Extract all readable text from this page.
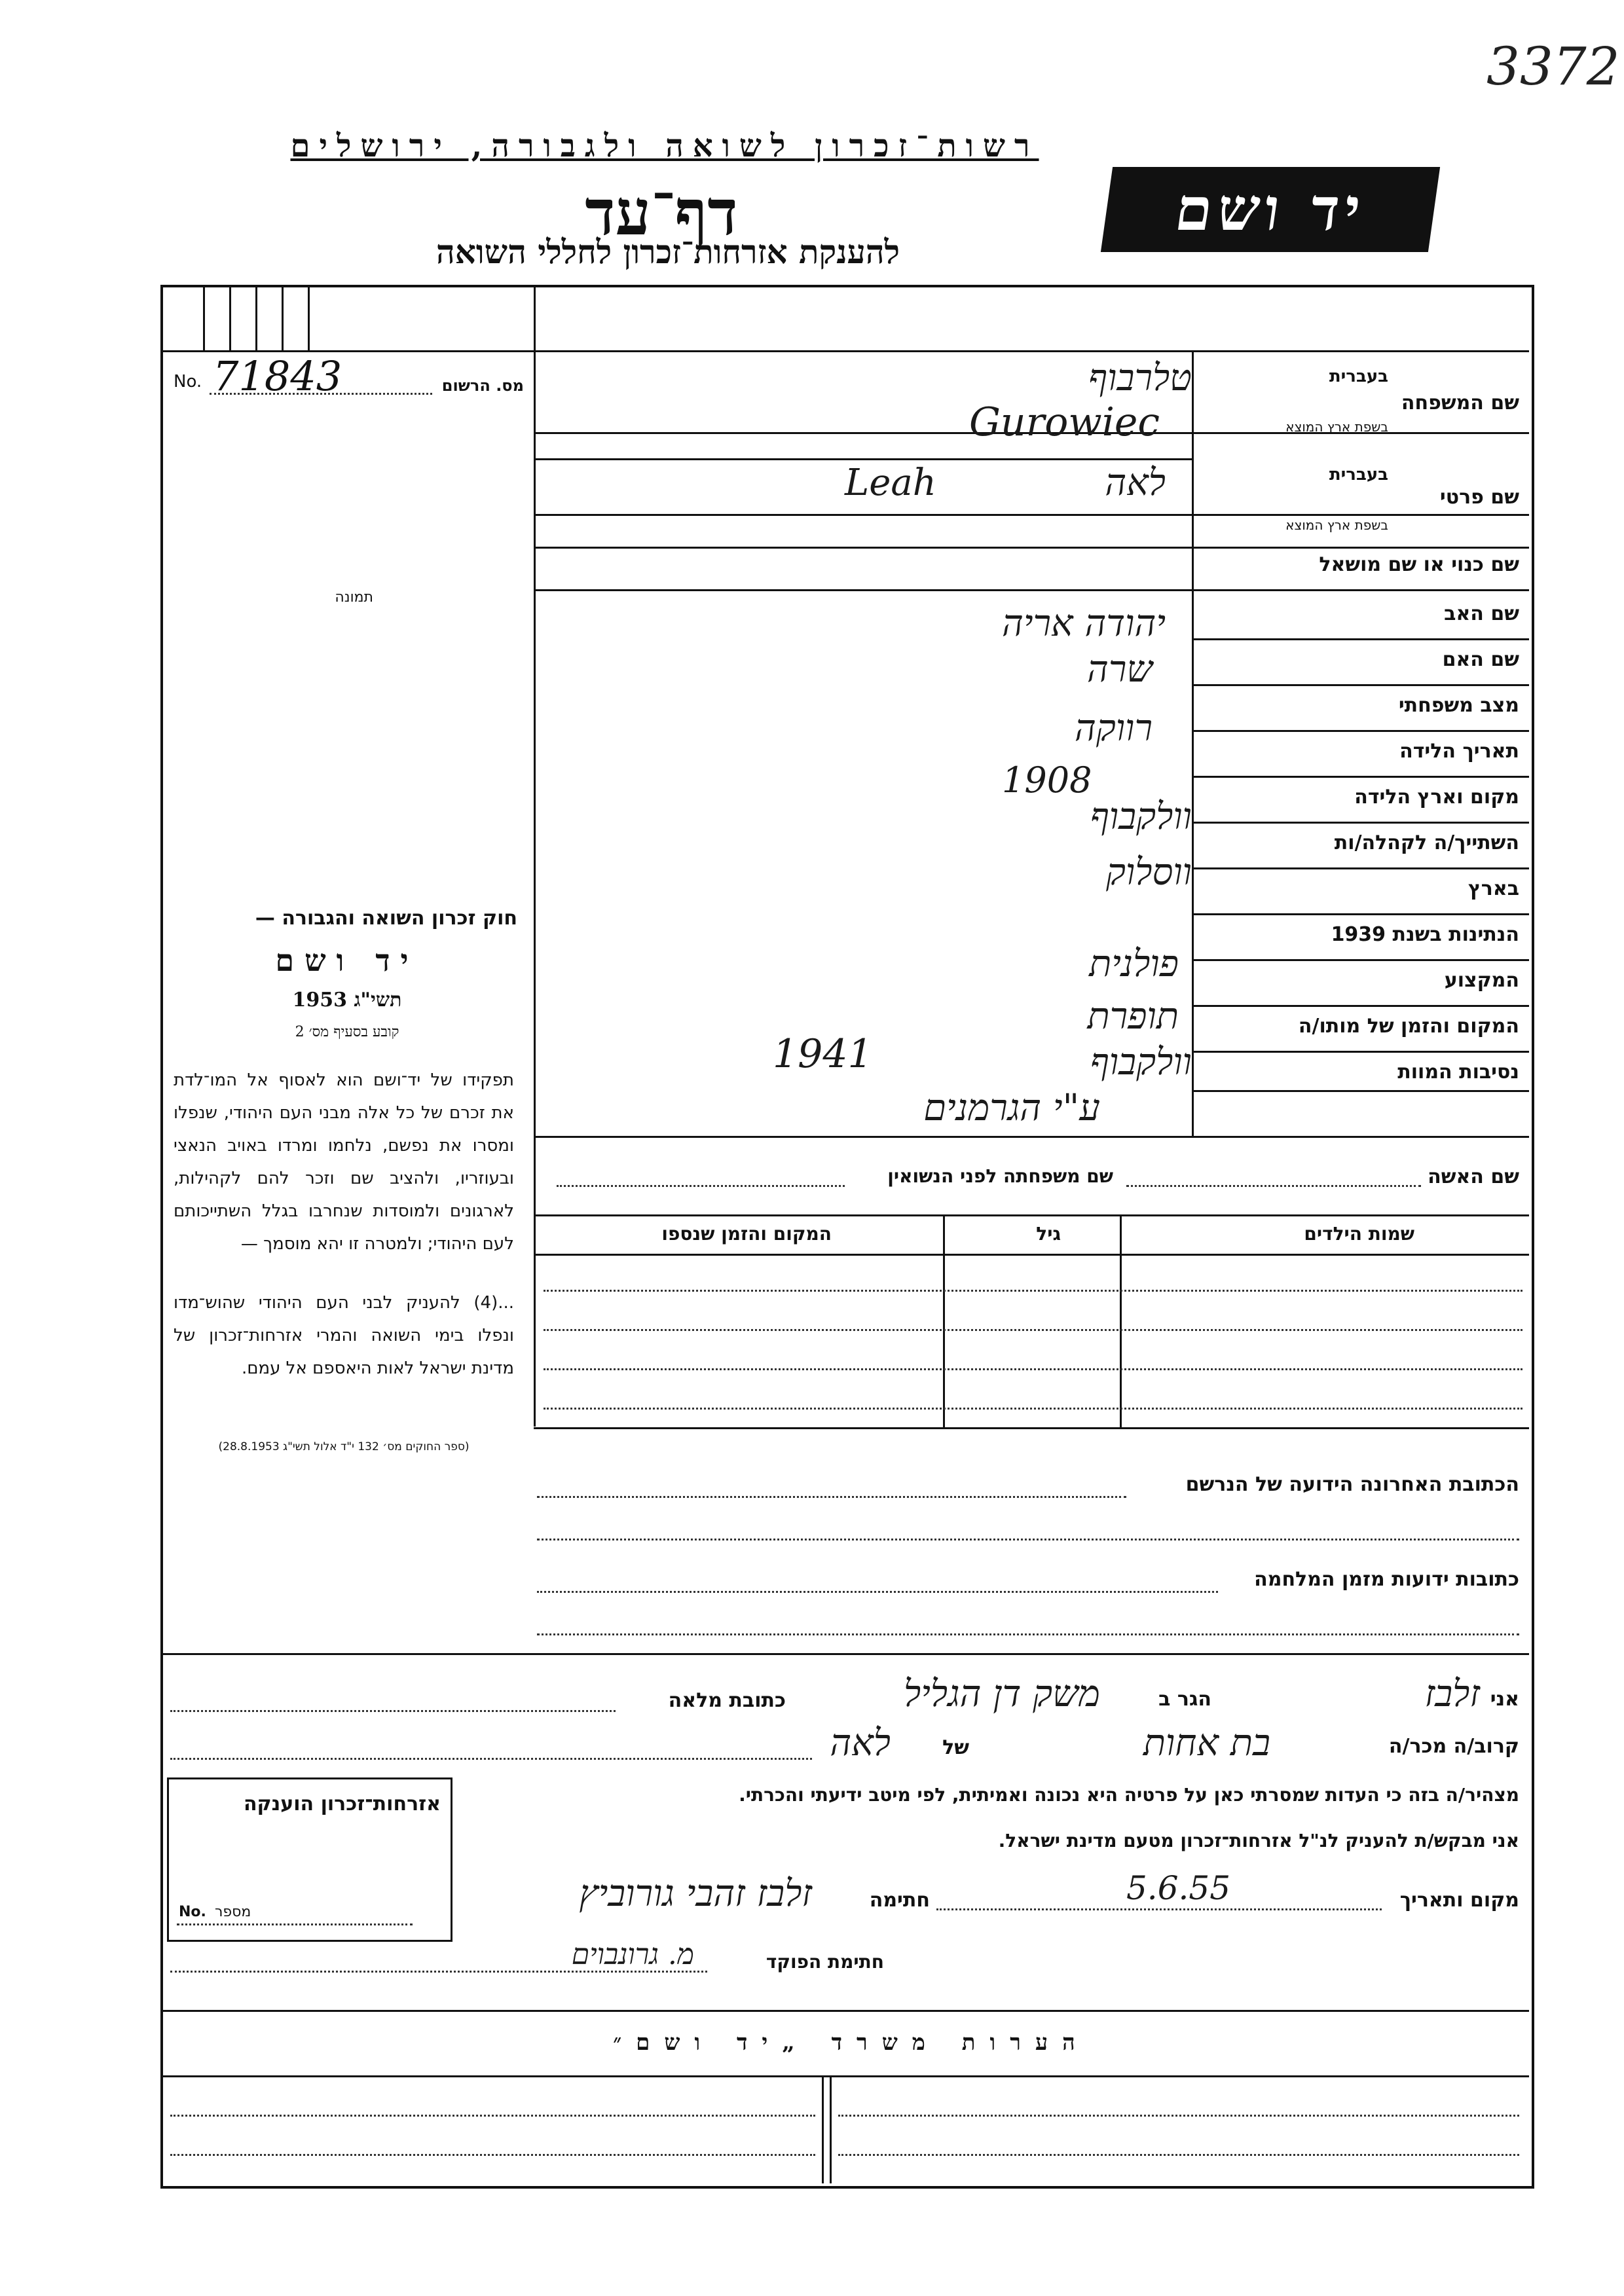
3372
רשות־זכרון לשואה ולגבורה, ירושלים
דף־עד
להענקת אזרחות־זכרון לחללי השואה
יד ושם
No. 71843	מס. הרשום
תמונה
שם המשפחה
בעברית
בשפת ארץ המוצא
שם פרטי
בעברית
בשפת ארץ המוצא
שם כנוי או שם מושאל
שם האב
שם האם
מצב משפחתי
תאריך הלידה
מקום וארץ הלידה
השתייך/ה לקהלה/ות
בארץ
הנתינות בשנת 1939
המקצוע
המקום והזמן של מותו/ה
נסיבות המוות
טלרבוף
Gurowiec
לאה
Leah
יהודה אריה
שרה
רווקה
1908
וולקבוף
ווסלוק
פולנית
תופרת
1941	וולקבוף
ע"י הגרמנים
חוק זכרון השואה והגבורה —
יד ושם
תשי"ג 1953
קובע בסעיף מס׳ 2
תפקידו של יד־ושם הוא לאסוף אל המו־לדת את זכרם של כל אלה מבני העם היהודי, שנפלו ומסרו את נפשם, נלחמו ומרדו באויב הנאצי ובעוזריו, ולהציב שם וזכר להם לקהילות, לארגונים ולמוסדות שנחרבו בגלל השתייכותם לעם היהודי; ולמטרה זו יהא מוסמך —
...(4) להעניק לבני העם היהודי שהוש־מדו ונפלו בימי השואה והמרי אזרחות־זכרון של מדינת ישראל לאות היאספם אל עמם.
(ספר החוקים מס׳ 132 י"ד אלול תשי"ג 28.8.1953)
שם האשה
שם משפחתה לפני הנשואין
שמות הילדים
גיל
המקום והזמן שנספו
הכתובת האחרונה הידועה של הנרשם
כתובות ידועות מזמן המלחמה
אני
זלבז
הגר ב
משק דן הגליל
כתובת מלאה
קרוב/ה מכר/ה
בת אחות
של
לאה
מצהיר/ה בזה כי העדות שמסרתי כאן על פרטיה היא נכונה ואמיתית, לפי מיטב ידיעתי והכרתי.
אני מבקש/ת להעניק לנ"ל אזרחות־זכרון מטעם מדינת ישראל.
מקום ותאריך
5.6.55
חתימה
זלבז זהבי גורוביץ
חתימת הפוקד
מ. גרונבוים
אזרחות־זכרון הוענקה
No. מספר
הערות משרד „יד ושם״
